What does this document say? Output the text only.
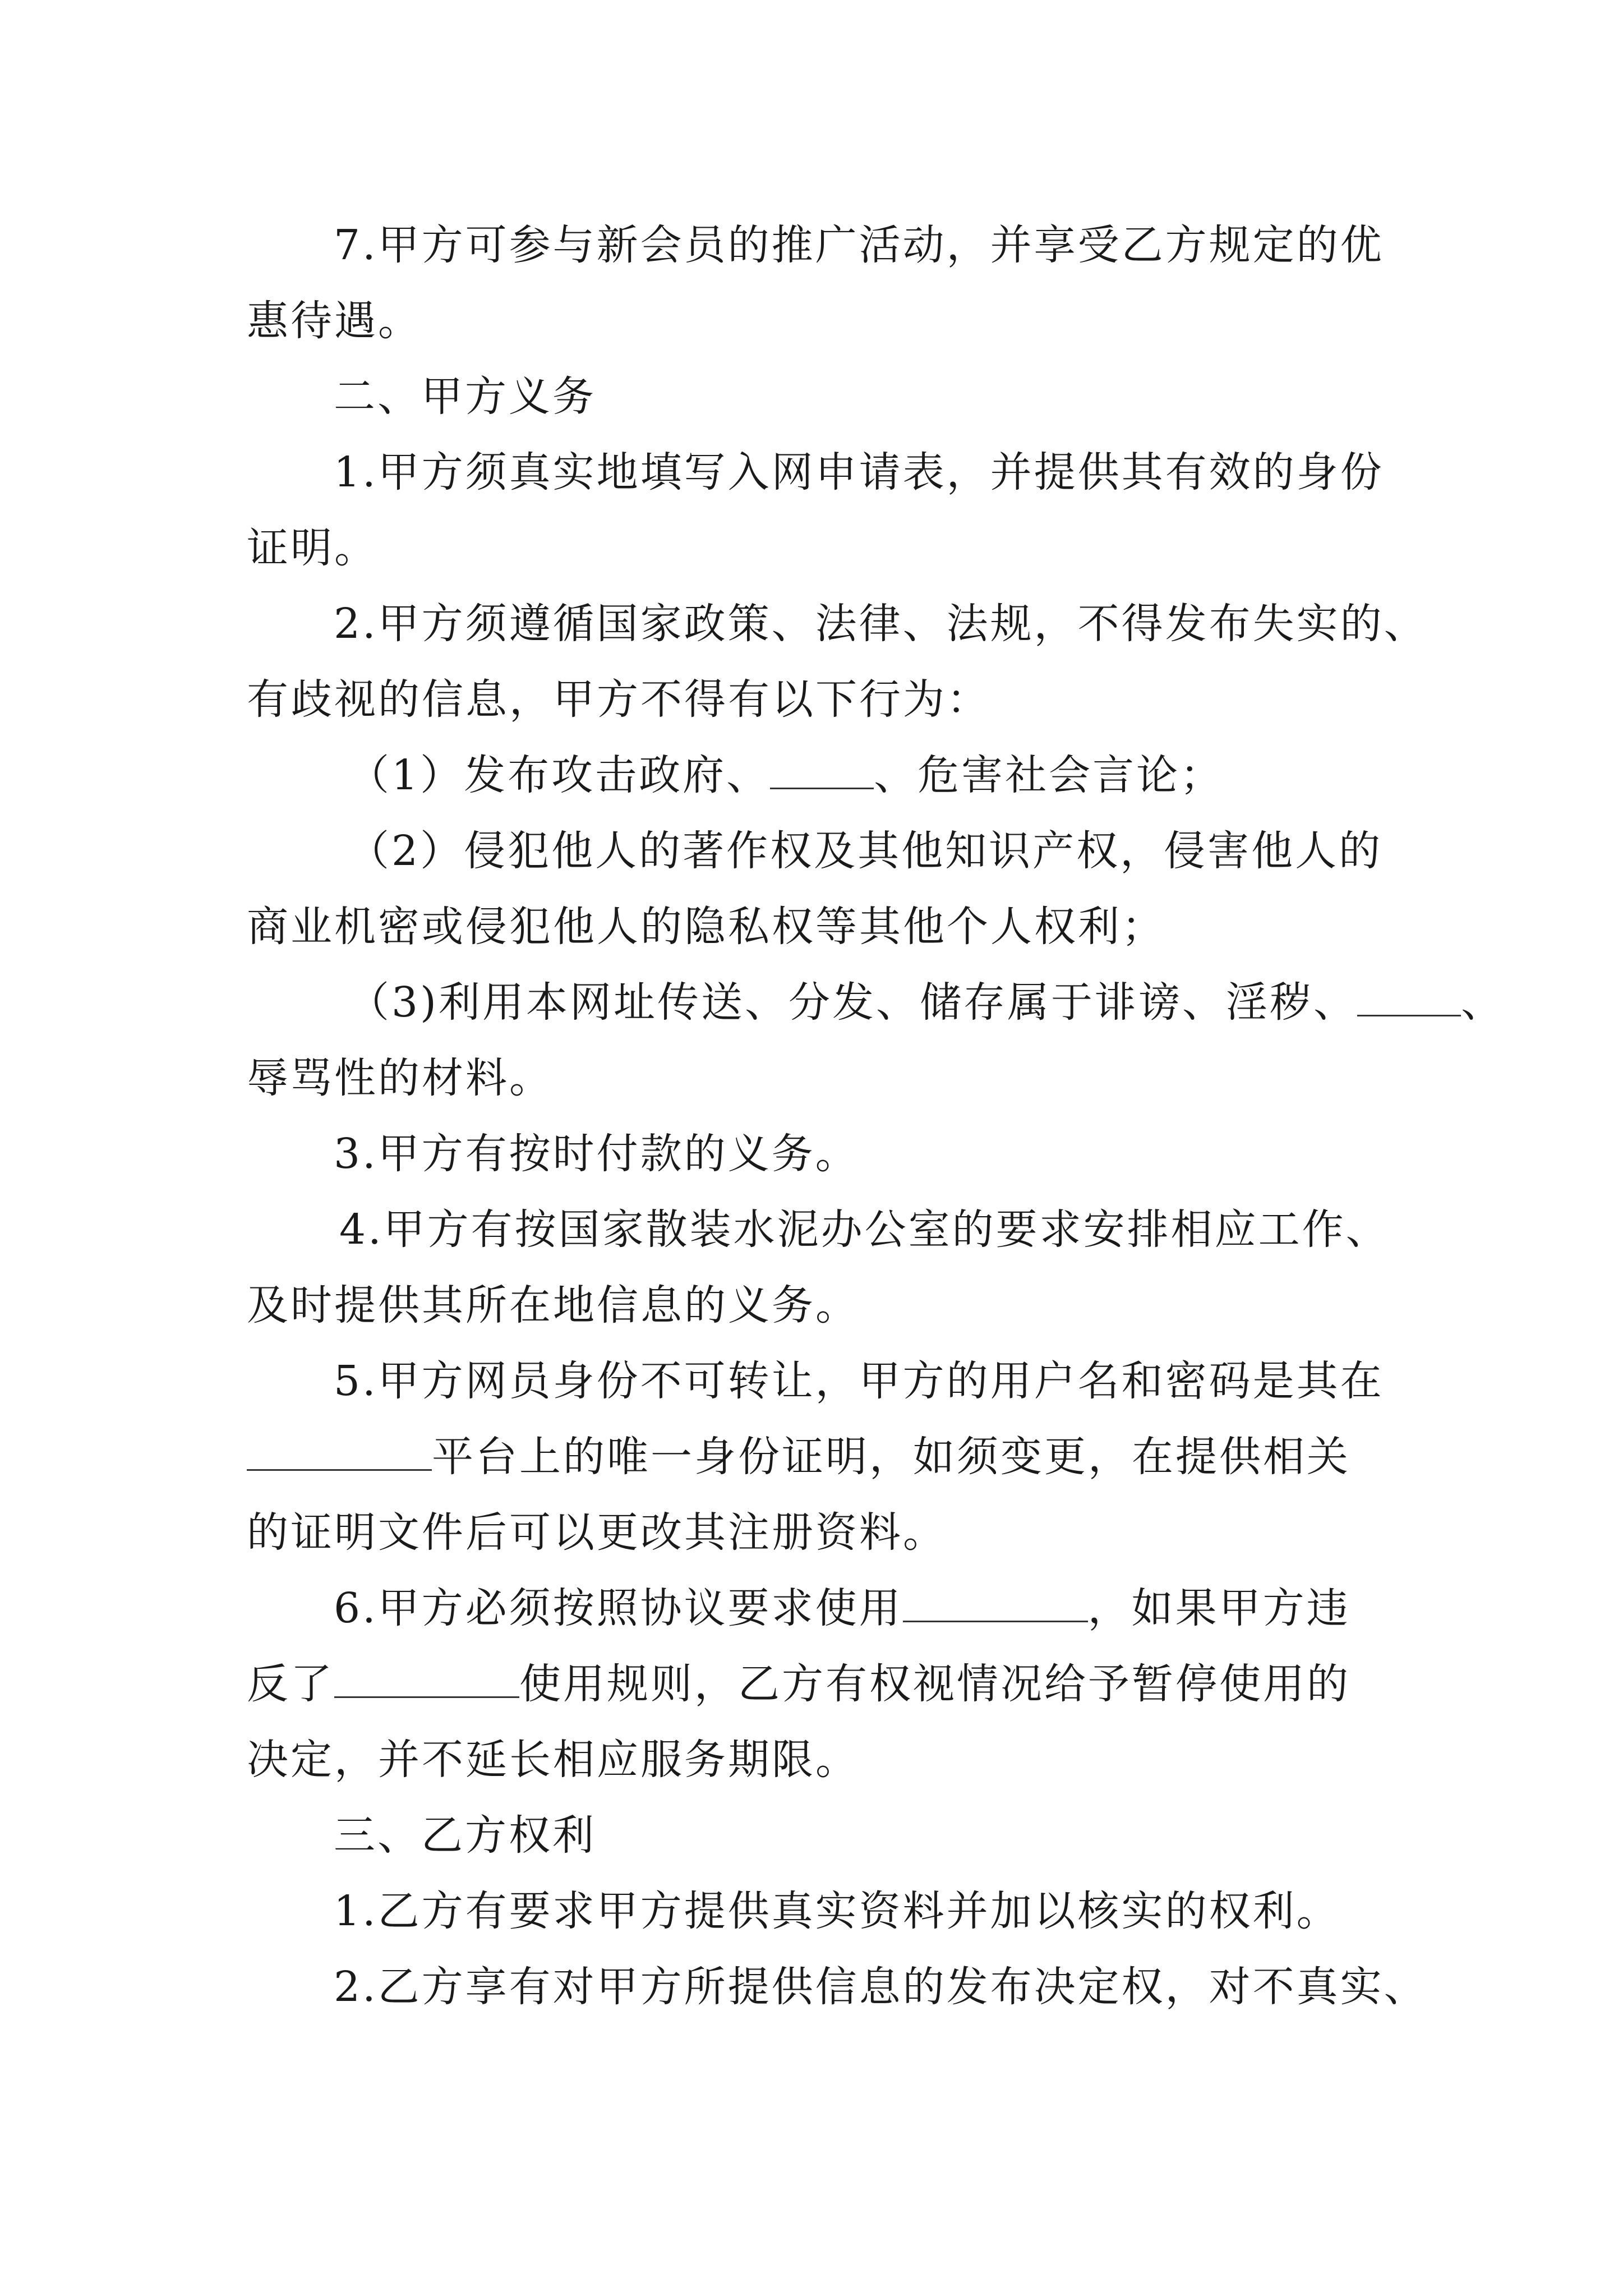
7.甲方可参与新会员的推广活动，并享受乙方规定的优
惠待遇。
二、甲方义务
1.甲方须真实地填写入网申请表，并提供其有效的身份
证明。
2.甲方须遵循国家政策、法律、法规，不得发布失实的、
有歧视的信息，甲方不得有以下行为：
（1）发布攻击政府、	、危害社会言论；
（2）侵犯他人的著作权及其他知识产权，侵害他人的
商业机密或侵犯他人的隐私权等其他个人权利；
（3)利用本网址传送、分发、储存属于诽谤、淫秽、	、
辱骂性的材料。
3.甲方有按时付款的义务。
4.甲方有按国家散装水泥办公室的要求安排相应工作、
及时提供其所在地信息的义务。
5.甲方网员身份不可转让，甲方的用户名和密码是其在
平台上的唯一身份证明，如须变更，在提供相关
的证明文件后可以更改其注册资料。
6.甲方必须按照协议要求使用	，如果甲方违
反了	使用规则，乙方有权视情况给予暂停使用的
决定，并不延长相应服务期限。
三、乙方权利
1.乙方有要求甲方提供真实资料并加以核实的权利。
2.乙方享有对甲方所提供信息的发布决定权，对不真实、
